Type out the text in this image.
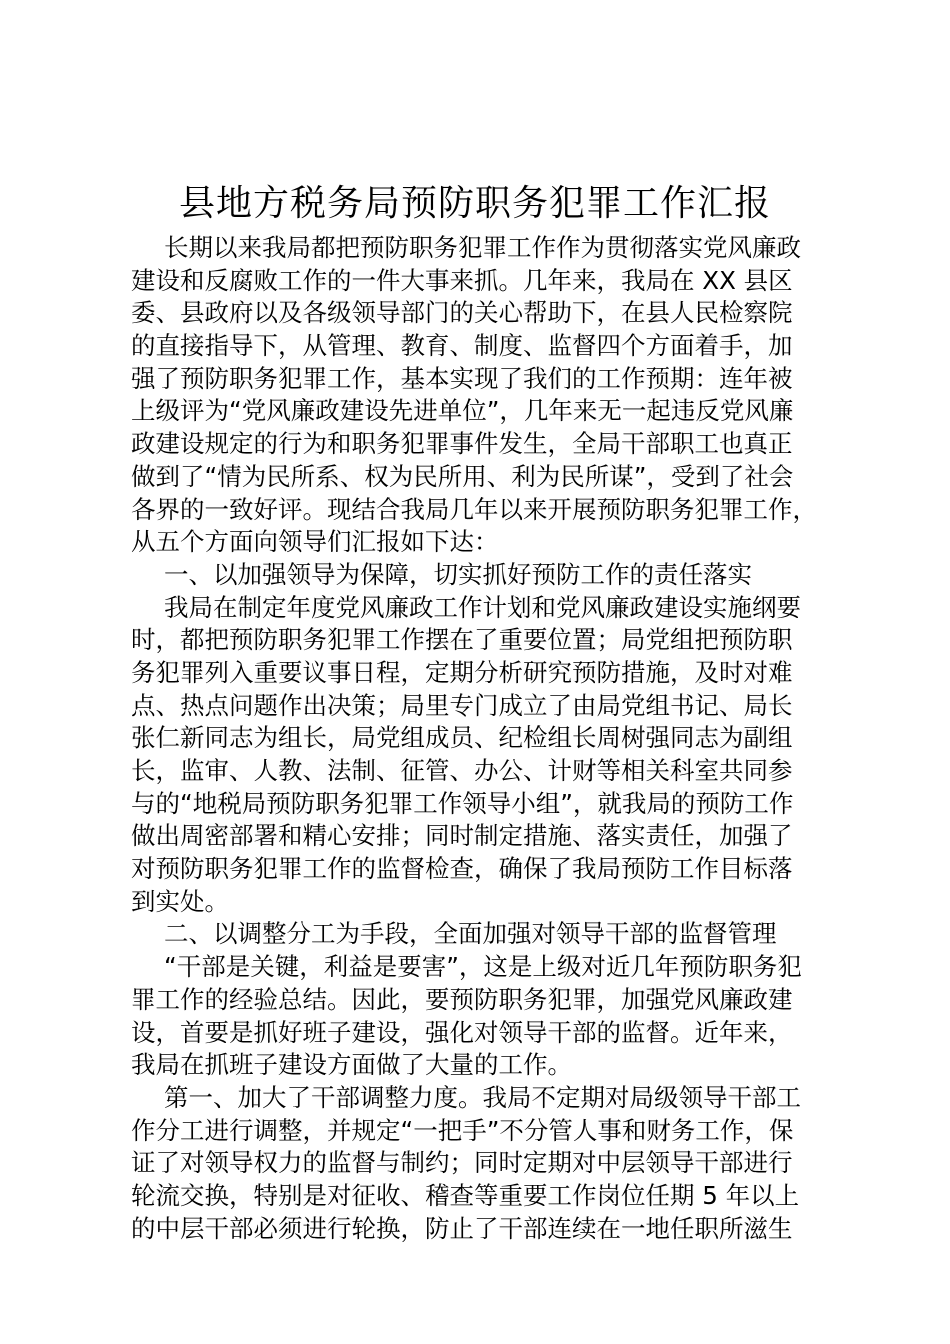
县地方税务局预防职务犯罪工作汇报
长期以来我局都把预防职务犯罪工作作为贯彻落实党风廉政
建设和反腐败工作的一件大事来抓。几年来，我局在 XX 县区
委、县政府以及各级领导部门的关心帮助下，在县人民检察院
的直接指导下，从管理、教育、制度、监督四个方面着手，加
强了预防职务犯罪工作，基本实现了我们的工作预期：连年被
上级评为“党风廉政建设先进单位”，几年来无一起违反党风廉
政建设规定的行为和职务犯罪事件发生，全局干部职工也真正
做到了“情为民所系、权为民所用、利为民所谋”，受到了社会
各界的一致好评。现结合我局几年以来开展预防职务犯罪工作，
从五个方面向领导们汇报如下达：
一、以加强领导为保障，切实抓好预防工作的责任落实
我局在制定年度党风廉政工作计划和党风廉政建设实施纲要
时，都把预防职务犯罪工作摆在了重要位置；局党组把预防职
务犯罪列入重要议事日程，定期分析研究预防措施，及时对难
点、热点问题作出决策；局里专门成立了由局党组书记、局长
张仁新同志为组长，局党组成员、纪检组长周树强同志为副组
长，监审、人教、法制、征管、办公、计财等相关科室共同参
与的“地税局预防职务犯罪工作领导小组”，就我局的预防工作
做出周密部署和精心安排；同时制定措施、落实责任，加强了
对预防职务犯罪工作的监督检查，确保了我局预防工作目标落
到实处。
二、以调整分工为手段，全面加强对领导干部的监督管理
“干部是关键，利益是要害”，这是上级对近几年预防职务犯
罪工作的经验总结。因此，要预防职务犯罪，加强党风廉政建
设，首要是抓好班子建设，强化对领导干部的监督。近年来，
我局在抓班子建设方面做了大量的工作。
第一、加大了干部调整力度。我局不定期对局级领导干部工
作分工进行调整，并规定“一把手”不分管人事和财务工作，保
证了对领导权力的监督与制约；同时定期对中层领导干部进行
轮流交换，特别是对征收、稽查等重要工作岗位任期 5 年以上
的中层干部必须进行轮换，防止了干部连续在一地任职所滋生
